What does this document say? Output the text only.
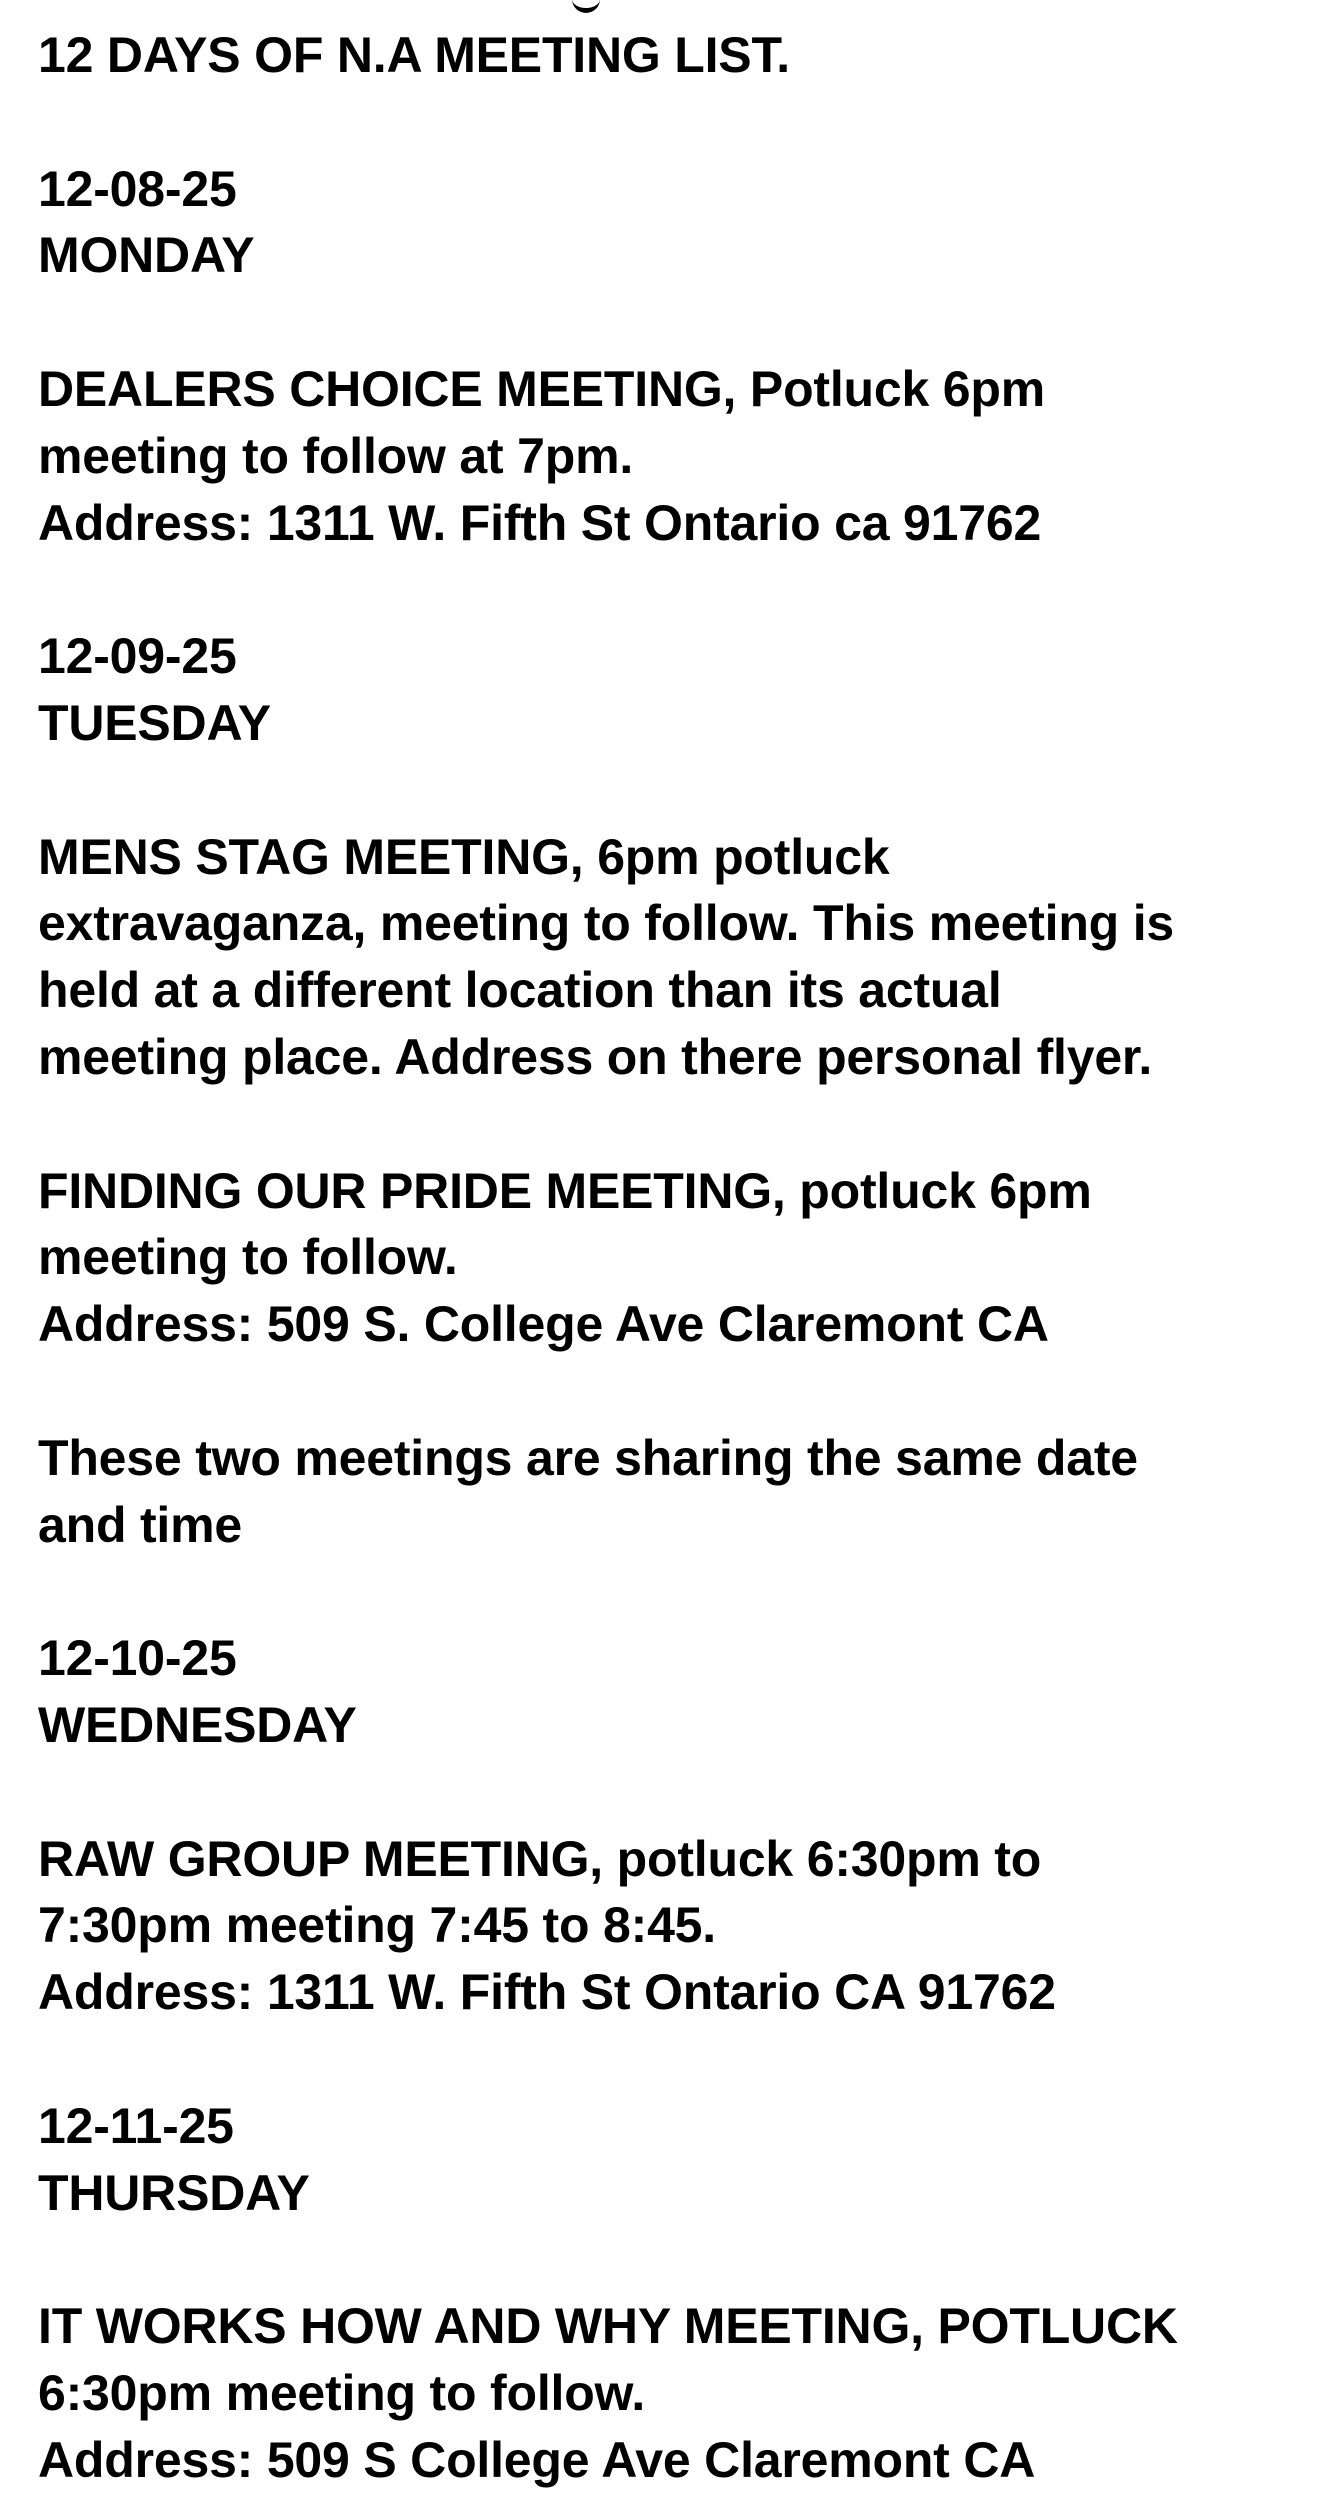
12 DAYS OF N.A MEETING LIST.
12-08-25
MONDAY
DEALERS CHOICE MEETING, Potluck 6pm
meeting to follow at 7pm.
Address: 1311 W. Fifth St Ontario ca 91762
12-09-25
TUESDAY
MENS STAG MEETING, 6pm potluck
extravaganza, meeting to follow. This meeting is
held at a different location than its actual
meeting place. Address on there personal flyer.
FINDING OUR PRIDE MEETING, potluck 6pm
meeting to follow.
Address: 509 S. College Ave Claremont CA
These two meetings are sharing the same date
and time
12-10-25
WEDNESDAY
RAW GROUP MEETING, potluck 6:30pm to
7:30pm meeting 7:45 to 8:45.
Address: 1311 W. Fifth St Ontario CA 91762
12-11-25
THURSDAY
IT WORKS HOW AND WHY MEETING, POTLUCK
6:30pm meeting to follow.
Address: 509 S College Ave Claremont CA
